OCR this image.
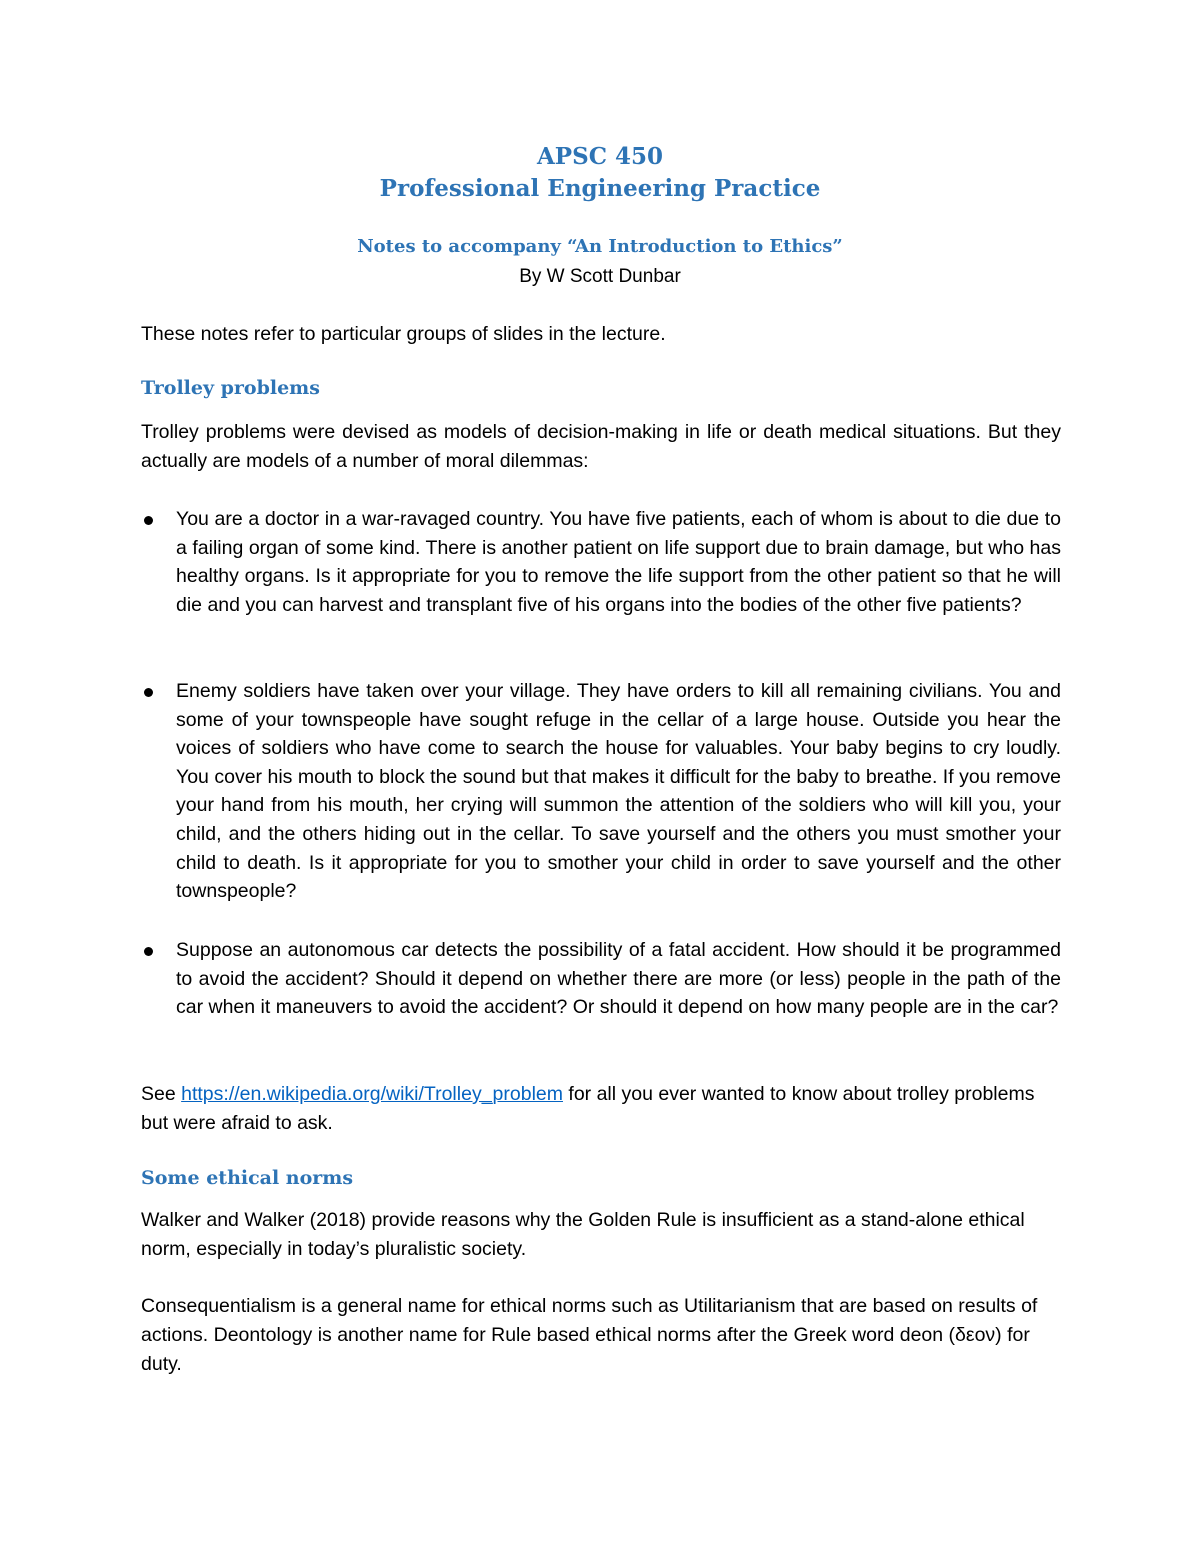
APSC 450
Professional Engineering Practice
Notes to accompany “An Introduction to Ethics”
By W Scott Dunbar

These notes refer to particular groups of slides in the lecture.

Trolley problems

Trolley problems were devised as models of decision-making in life or death medical situations. But they actually are models of a number of moral dilemmas:

You are a doctor in a war-ravaged country. You have five patients, each of whom is about to die due to a failing organ of some kind. There is another patient on life support due to brain damage, but who has healthy organs. Is it appropriate for you to remove the life support from the other patient so that he will die and you can harvest and transplant five of his organs into the bodies of the other five patients?

Enemy soldiers have taken over your village. They have orders to kill all remaining civilians. You and some of your townspeople have sought refuge in the cellar of a large house. Outside you hear the voices of soldiers who have come to search the house for valuables. Your baby begins to cry loudly. You cover his mouth to block the sound but that makes it difficult for the baby to breathe. If you remove your hand from his mouth, her crying will summon the attention of the soldiers who will kill you, your child, and the others hiding out in the cellar. To save yourself and the others you must smother your child to death. Is it appropriate for you to smother your child in order to save yourself and the other townspeople?

Suppose an autonomous car detects the possibility of a fatal accident. How should it be programmed to avoid the accident? Should it depend on whether there are more (or less) people in the path of the car when it maneuvers to avoid the accident? Or should it depend on how many people are in the car?

See https://en.wikipedia.org/wiki/Trolley_problem for all you ever wanted to know about trolley problems but were afraid to ask.

Some ethical norms

Walker and Walker (2018) provide reasons why the Golden Rule is insufficient as a stand-alone ethical norm, especially in today’s pluralistic society.

Consequentialism is a general name for ethical norms such as Utilitarianism that are based on results of actions. Deontology is another name for Rule based ethical norms after the Greek word deon (δεον) for duty.
